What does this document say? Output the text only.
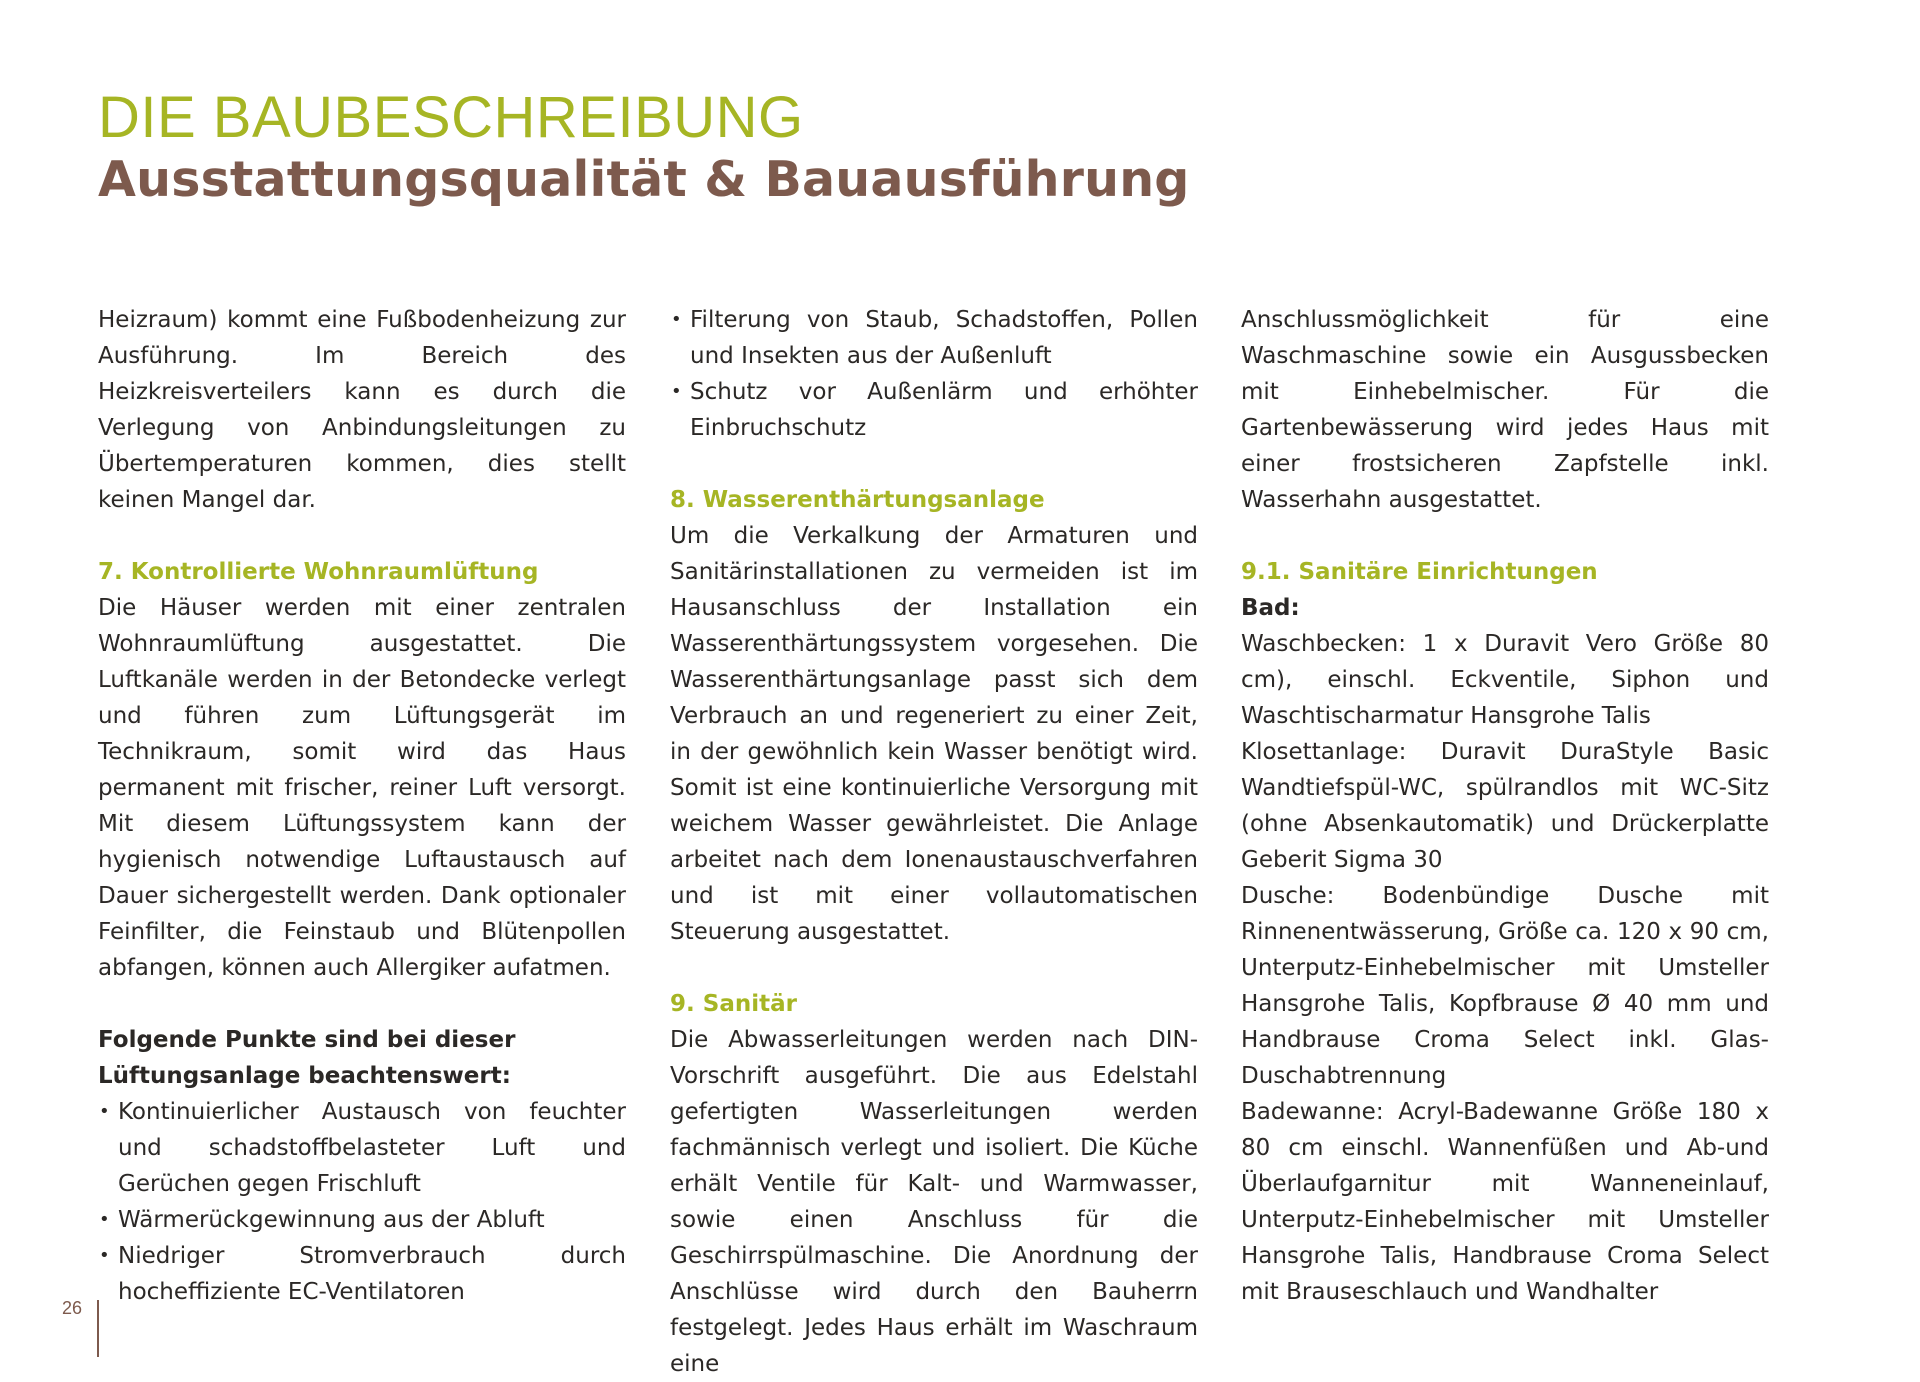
DIE BAUBESCHREIBUNG
Ausstattungsqualität & Bauausführung

Heizraum) kommt eine Fußbodenheizung zur Ausführung. Im Bereich des Heizkreisverteilers kann es durch die Verlegung von Anbindungsleitungen zu Übertemperaturen kommen, dies stellt keinen Mangel dar.

7. Kontrollierte Wohnraumlüftung

Die Häuser werden mit einer zentralen Wohnraumlüftung ausgestattet. Die Luftkanäle werden in der Betondecke verlegt und führen zum Lüftungsgerät im Technikraum, somit wird das Haus permanent mit frischer, reiner Luft versorgt. Mit diesem Lüftungssystem kann der hygienisch notwendige Luftaustausch auf Dauer sichergestellt werden. Dank optionaler Feinfilter, die Feinstaub und Blütenpollen abfangen, können auch Allergiker aufatmen.

Folgende Punkte sind bei dieser Lüftungsanlage beachtenswert:

• Kontinuierlicher Austausch von feuchter und schadstoffbelasteter Luft und Gerüchen gegen Frischluft
• Wärmerückgewinnung aus der Abluft
• Niedriger Stromverbrauch durch hocheffiziente EC-Ventilatoren
• Filterung von Staub, Schadstoffen, Pollen und Insekten aus der Außenluft
• Schutz vor Außenlärm und erhöhter Einbruchschutz

8. Wasserenthärtungsanlage

Um die Verkalkung der Armaturen und Sanitärinstallationen zu vermeiden ist im Hausanschluss der Installation ein Wasserenthärtungssystem vorgesehen. Die Wasserenthärtungsanlage passt sich dem Verbrauch an und regeneriert zu einer Zeit, in der gewöhnlich kein Wasser benötigt wird. Somit ist eine kontinuierliche Versorgung mit weichem Wasser gewährleistet. Die Anlage arbeitet nach dem Ionenaustauschverfahren und ist mit einer vollautomatischen Steuerung ausgestattet.

9. Sanitär

Die Abwasserleitungen werden nach DIN-Vorschrift ausgeführt. Die aus Edelstahl gefertigten Wasserleitungen werden fachmännisch verlegt und isoliert. Die Küche erhält Ventile für Kalt- und Warmwasser, sowie einen Anschluss für die Geschirrspülmaschine. Die Anordnung der Anschlüsse wird durch den Bauherrn festgelegt. Jedes Haus erhält im Waschraum eine

Anschlussmöglichkeit für eine Waschmaschine sowie ein Ausgussbecken mit Einhebelmischer. Für die Gartenbewässerung wird jedes Haus mit einer frostsicheren Zapfstelle inkl. Wasserhahn ausgestattet.

9.1. Sanitäre Einrichtungen

Bad:

Waschbecken: 1 x Duravit Vero Größe 80 cm), einschl. Eckventile, Siphon und Waschtischarmatur Hansgrohe Talis

Klosettanlage: Duravit DuraStyle Basic Wandtiefspül-WC, spülrandlos mit WC-Sitz (ohne Absenkautomatik) und Drückerplatte Geberit Sigma 30

Dusche: Bodenbündige Dusche mit Rinnenentwässerung, Größe ca. 120 x 90 cm, Unterputz-Einhebelmischer mit Umsteller Hansgrohe Talis, Kopfbrause Ø 40 mm und Handbrause Croma Select inkl. Glas-Duschabtrennung

Badewanne: Acryl-Badewanne Größe 180 x 80 cm einschl. Wannenfüßen und Ab-und Überlaufgarnitur mit Wanneneinlauf, Unterputz-Einhebelmischer mit Umsteller Hansgrohe Talis, Handbrause Croma Select mit Brauseschlauch und Wandhalter

26
